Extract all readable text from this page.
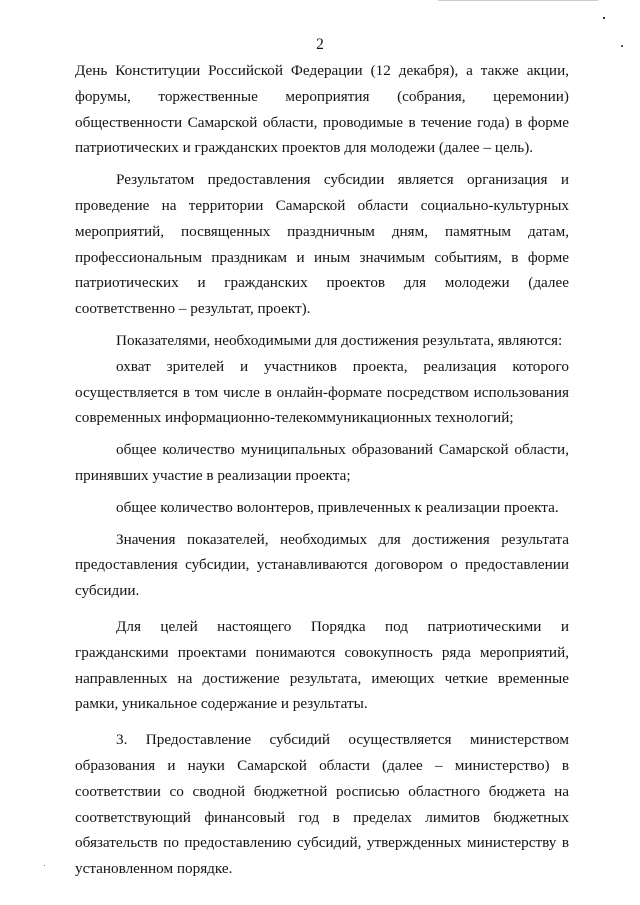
2

День Конституции Российской Федерации (12 декабря), а также акции, форумы, торжественные мероприятия (собрания, церемонии) общественности Самарской области, проводимые в течение года) в форме патриотических и гражданских проектов для молодежи (далее – цель).

Результатом предоставления субсидии является организация и проведение на территории Самарской области социально-культурных мероприятий, посвященных праздничным дням, памятным датам, профессиональным праздникам и иным значимым событиям, в форме патриотических и гражданских проектов для молодежи (далее соответственно – результат, проект).

Показателями, необходимыми для достижения результата, являются:

охват зрителей и участников проекта, реализация которого осуществляется в том числе в онлайн-формате посредством использования современных информационно-телекоммуникационных технологий;

общее количество муниципальных образований Самарской области, принявших участие в реализации проекта;

общее количество волонтеров, привлеченных к реализации проекта.

Значения показателей, необходимых для достижения результата предоставления субсидии, устанавливаются договором о предоставлении субсидии.

Для целей настоящего Порядка под патриотическими и гражданскими проектами понимаются совокупность ряда мероприятий, направленных на достижение результата, имеющих четкие временные рамки, уникальное содержание и результаты.

3. Предоставление субсидий осуществляется министерством образования и науки Самарской области (далее – министерство) в соответствии со сводной бюджетной росписью областного бюджета на соответствующий финансовый год в пределах лимитов бюджетных обязательств по предоставлению субсидий, утвержденных министерству в установленном порядке.
